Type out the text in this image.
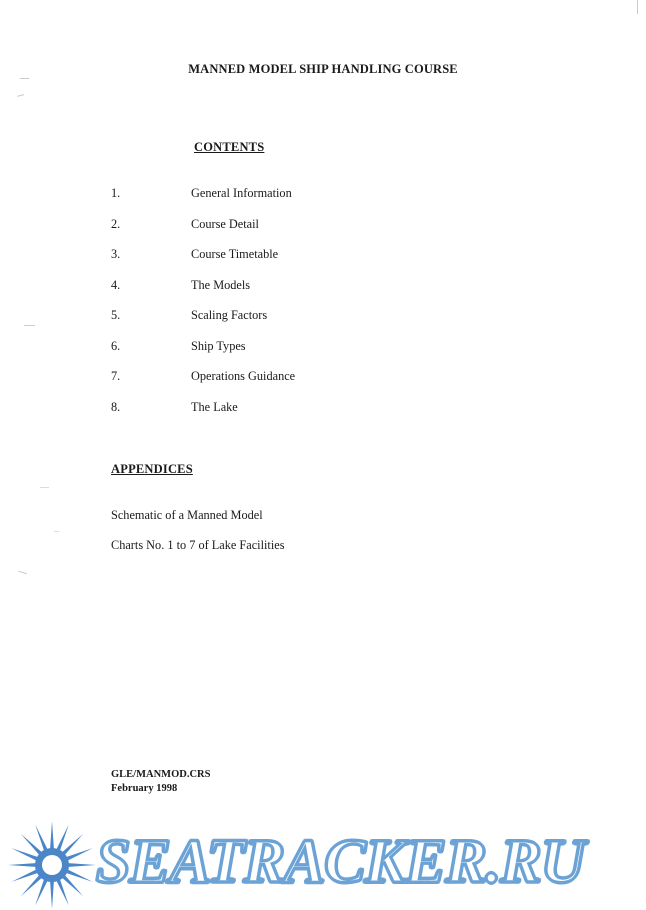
MANNED MODEL SHIP HANDLING COURSE
CONTENTS
1.	General Information
2.	Course Detail
3.	Course Timetable
4.	The Models
5.	Scaling Factors
6.	Ship Types
7.	Operations Guidance
8.	The Lake
APPENDICES
Schematic of a Manned Model
Charts No. 1 to 7 of Lake Facilities
GLE/MANMOD.CRS
February 1998
SEATRACKER.RU
